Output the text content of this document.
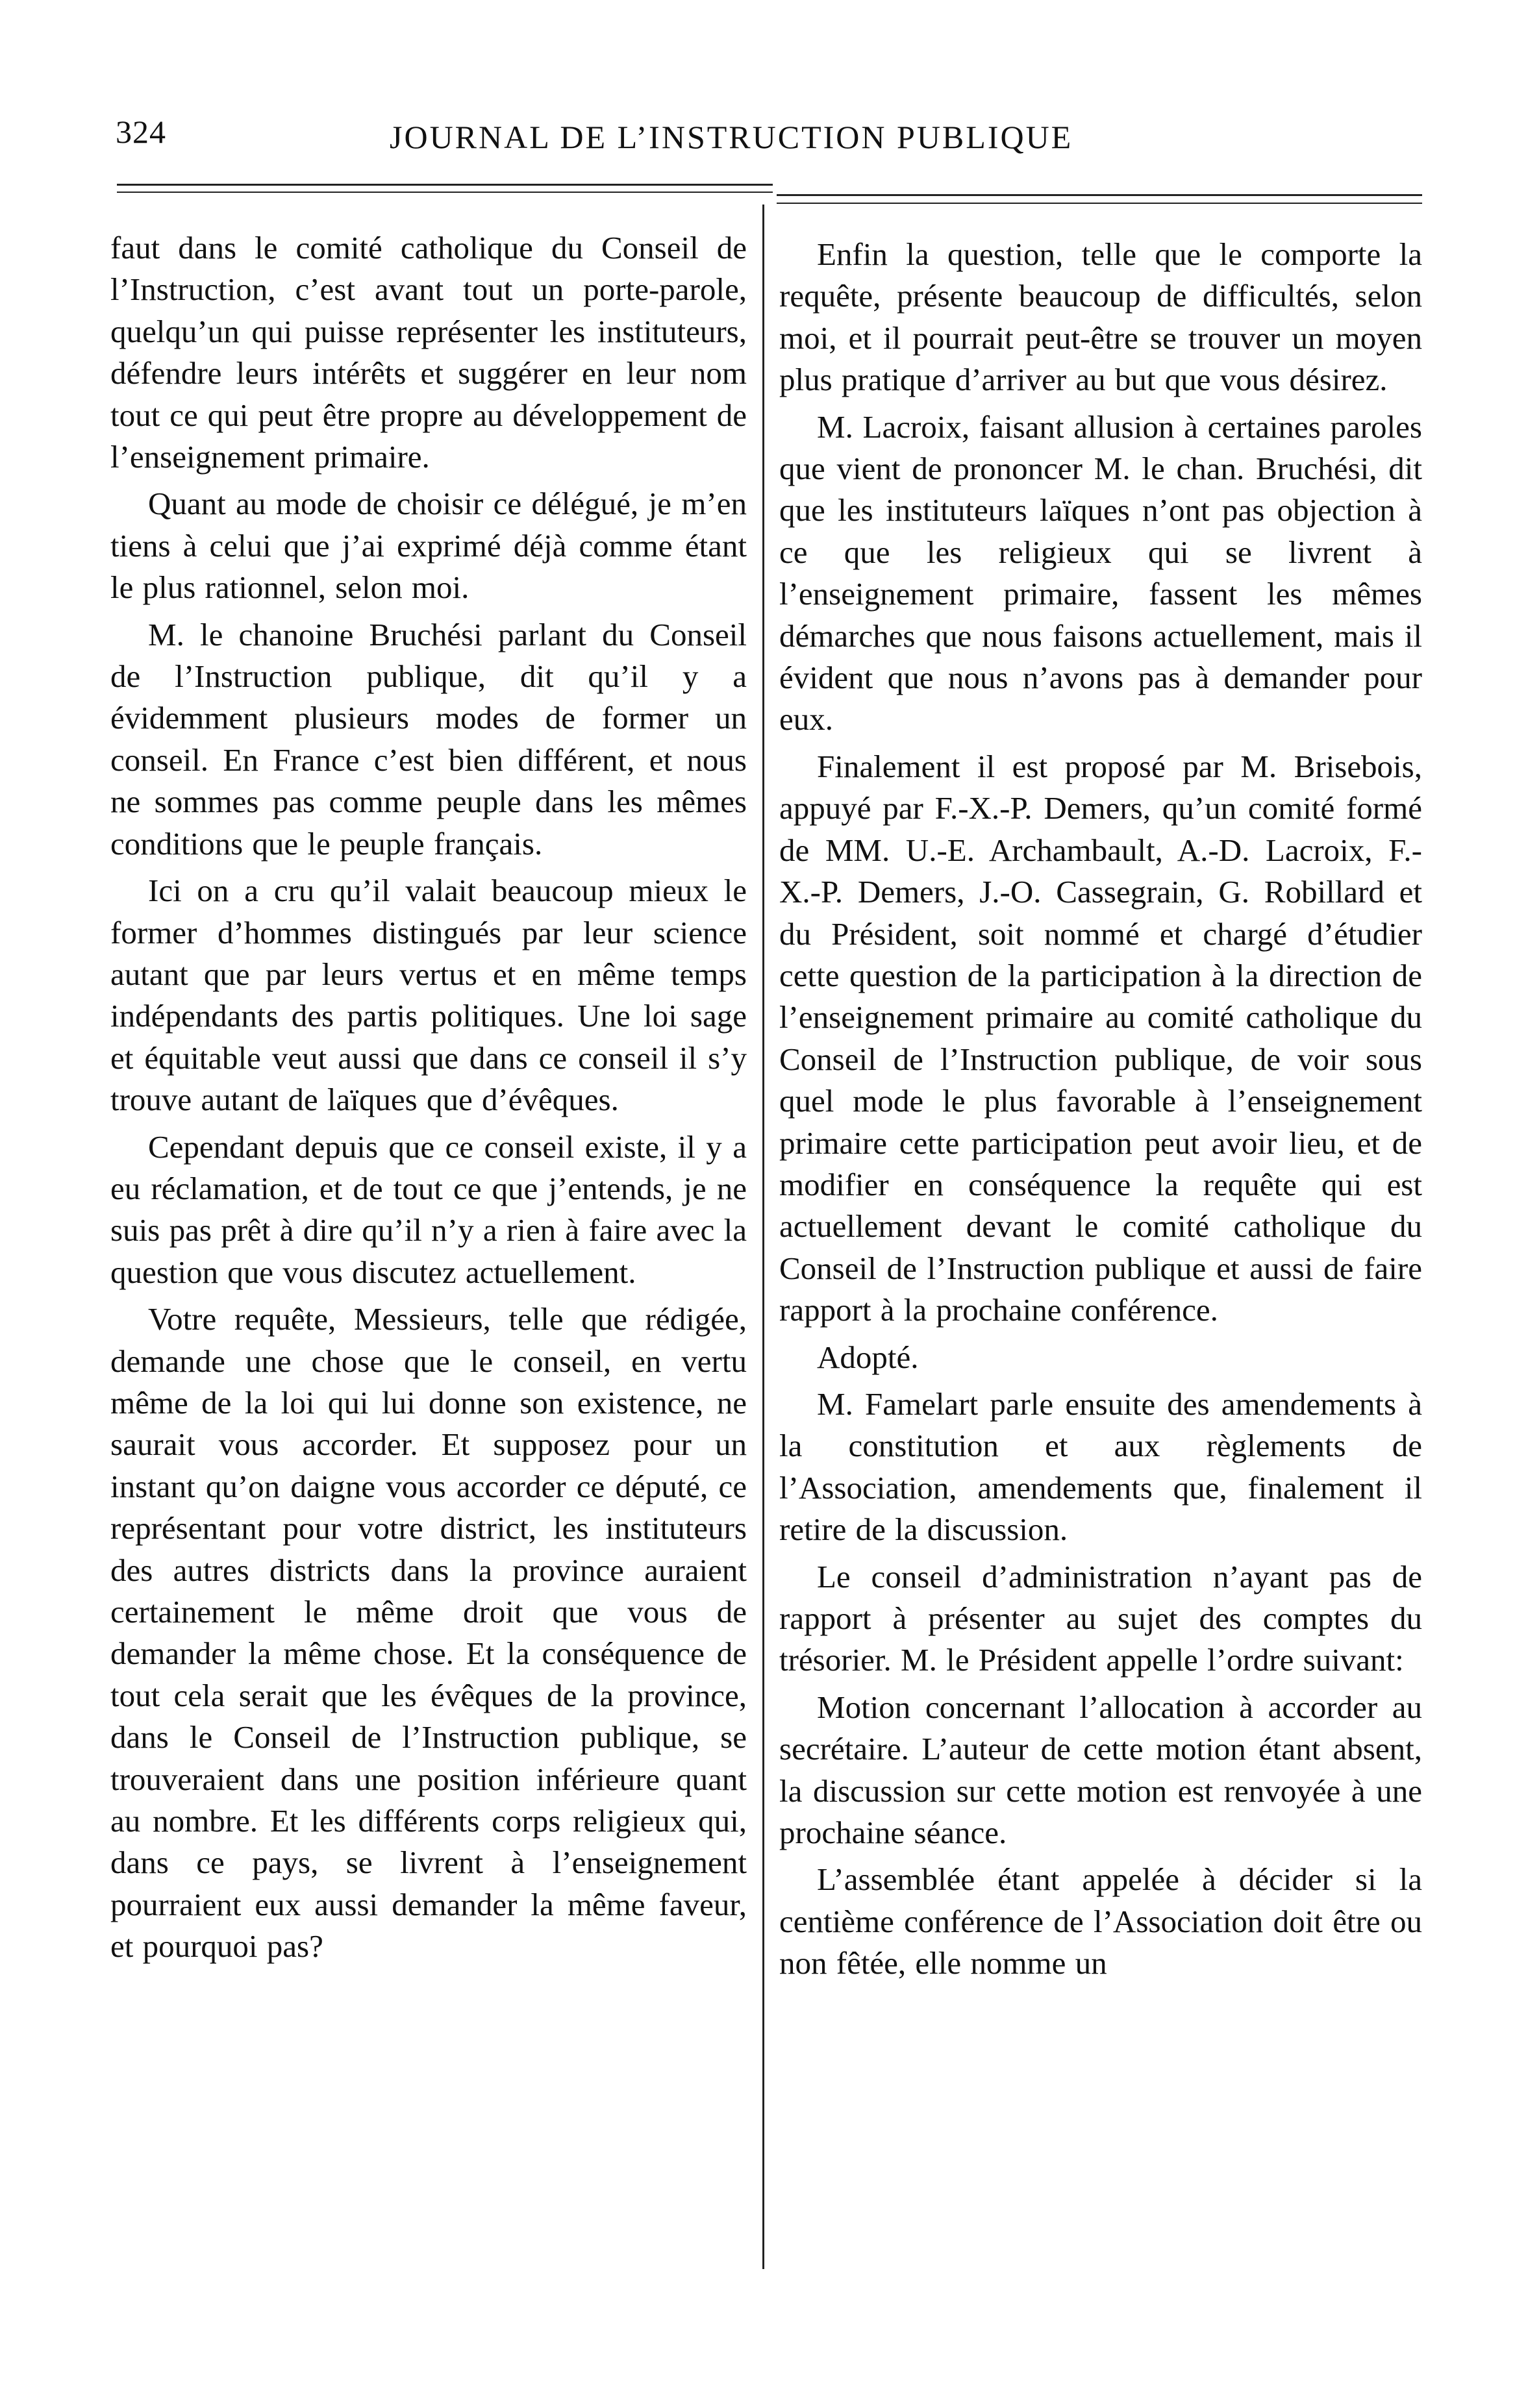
324	JOURNAL DE L’INSTRUCTION PUBLIQUE

faut dans le comité catholique du Conseil de l’Instruction, c’est avant tout un porte-parole, quelqu’un qui puisse représenter les instituteurs, défendre leurs intérêts et suggérer en leur nom tout ce qui peut être propre au développement de l’enseignement primaire.

Quant au mode de choisir ce délégué, je m’en tiens à celui que j’ai exprimé déjà comme étant le plus rationnel, selon moi.

M. le chanoine Bruchési parlant du Conseil de l’Instruction publique, dit qu’il y a évidemment plusieurs modes de former un conseil. En France c’est bien différent, et nous ne sommes pas comme peuple dans les mêmes conditions que le peuple français.

Ici on a cru qu’il valait beaucoup mieux le former d’hommes distingués par leur science autant que par leurs vertus et en même temps indépendants des partis politiques. Une loi sage et équitable veut aussi que dans ce conseil il s’y trouve autant de laïques que d’évêques.

Cependant depuis que ce conseil existe, il y a eu réclamation, et de tout ce que j’entends, je ne suis pas prêt à dire qu’il n’y a rien à faire avec la question que vous discutez actuellement.

Votre requête, Messieurs, telle que rédigée, demande une chose que le conseil, en vertu même de la loi qui lui donne son existence, ne saurait vous accorder. Et supposez pour un instant qu’on daigne vous accorder ce député, ce représentant pour votre district, les instituteurs des autres districts dans la province auraient certainement le même droit que vous de demander la même chose. Et la conséquence de tout cela serait que les évêques de la province, dans le Conseil de l’Instruction publique, se trouveraient dans une position inférieure quant au nombre. Et les différents corps religieux qui, dans ce pays, se livrent à l’enseignement pourraient eux aussi demander la même faveur, et pourquoi pas?

Enfin la question, telle que le comporte la requête, présente beaucoup de difficultés, selon moi, et il pourrait peut-être se trouver un moyen plus pratique d’arriver au but que vous désirez.

M. Lacroix, faisant allusion à certaines paroles que vient de prononcer M. le chan. Bruchési, dit que les instituteurs laïques n’ont pas objection à ce que les religieux qui se livrent à l’enseignement primaire, fassent les mêmes démarches que nous faisons actuellement, mais il évident que nous n’avons pas à demander pour eux.

Finalement il est proposé par M. Brisebois, appuyé par F.-X.-P. Demers, qu’un comité formé de MM. U.-E. Archambault, A.-D. Lacroix, F.-X.-P. Demers, J.-O. Cassegrain, G. Robillard et du Président, soit nommé et chargé d’étudier cette question de la participation à la direction de l’enseignement primaire au comité catholique du Conseil de l’Instruction publique, de voir sous quel mode le plus favorable à l’enseignement primaire cette participation peut avoir lieu, et de modifier en conséquence la requête qui est actuellement devant le comité catholique du Conseil de l’Instruction publique et aussi de faire rapport à la prochaine conférence.

Adopté.

M. Famelart parle ensuite des amendements à la constitution et aux règlements de l’Association, amendements que, finalement il retire de la discussion.

Le conseil d’administration n’ayant pas de rapport à présenter au sujet des comptes du trésorier. M. le Président appelle l’ordre suivant:

Motion concernant l’allocation à accorder au secrétaire. L’auteur de cette motion étant absent, la discussion sur cette motion est renvoyée à une prochaine séance.

L’assemblée étant appelée à décider si la centième conférence de l’Association doit être ou non fêtée, elle nomme un
